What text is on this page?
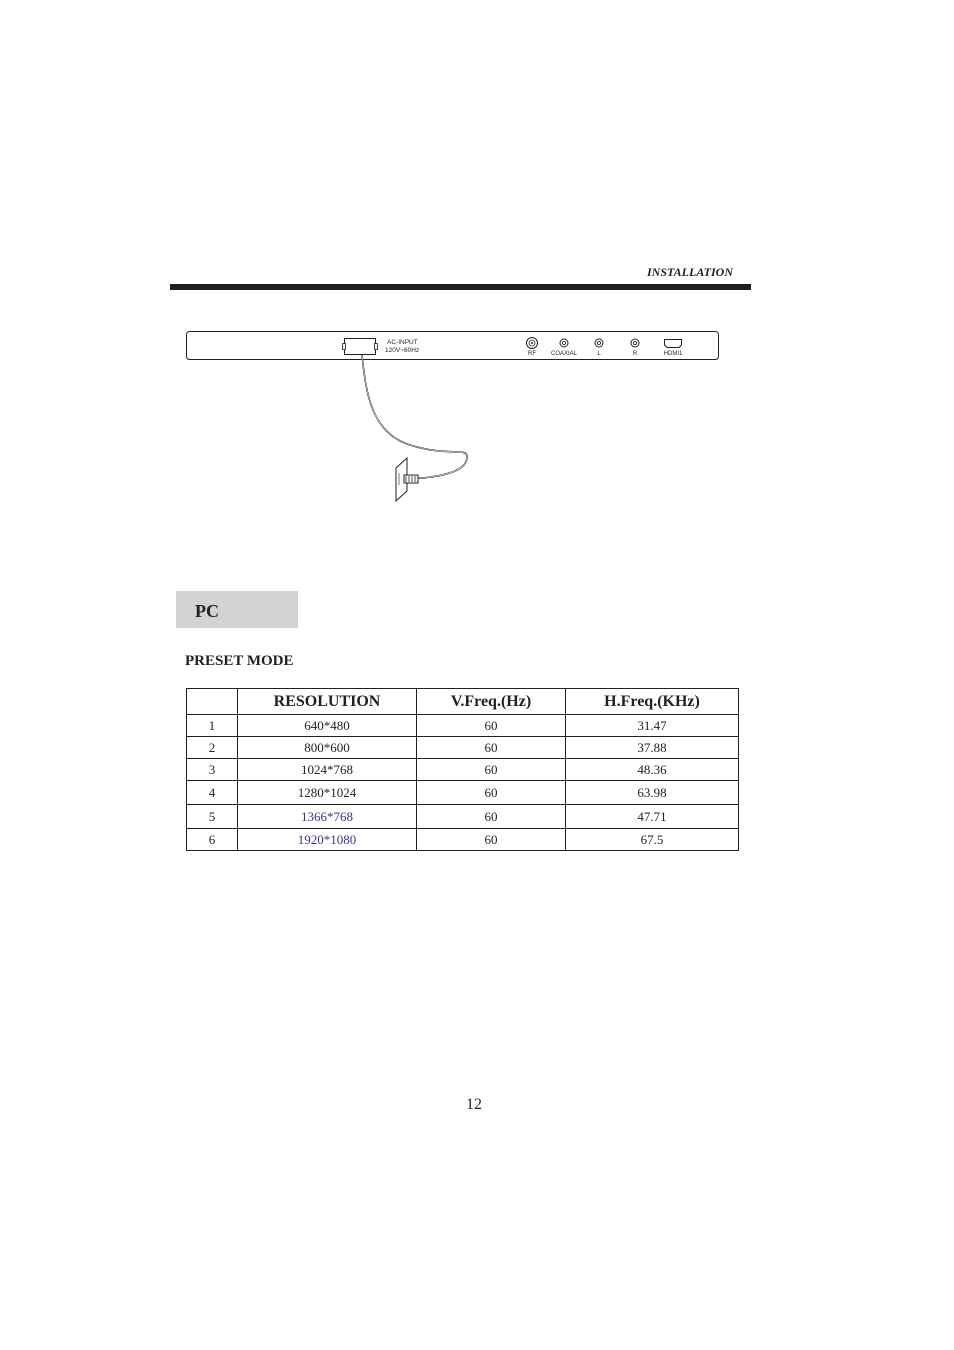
INSTALLATION
AC-INPUT
120V~60Hz	RF COAXIAL	L	R	HDMI1
PC
PRESET MODE
	RESOLUTION	V.Freq.(Hz)	H.Freq.(KHz)
1	640*480	60	31.47
2	800*600	60	37.88
3	1024*768	60	48.36
4	1280*1024	60	63.98
5	1366*768	60	47.71
6	1920*1080	60	67.5
12
